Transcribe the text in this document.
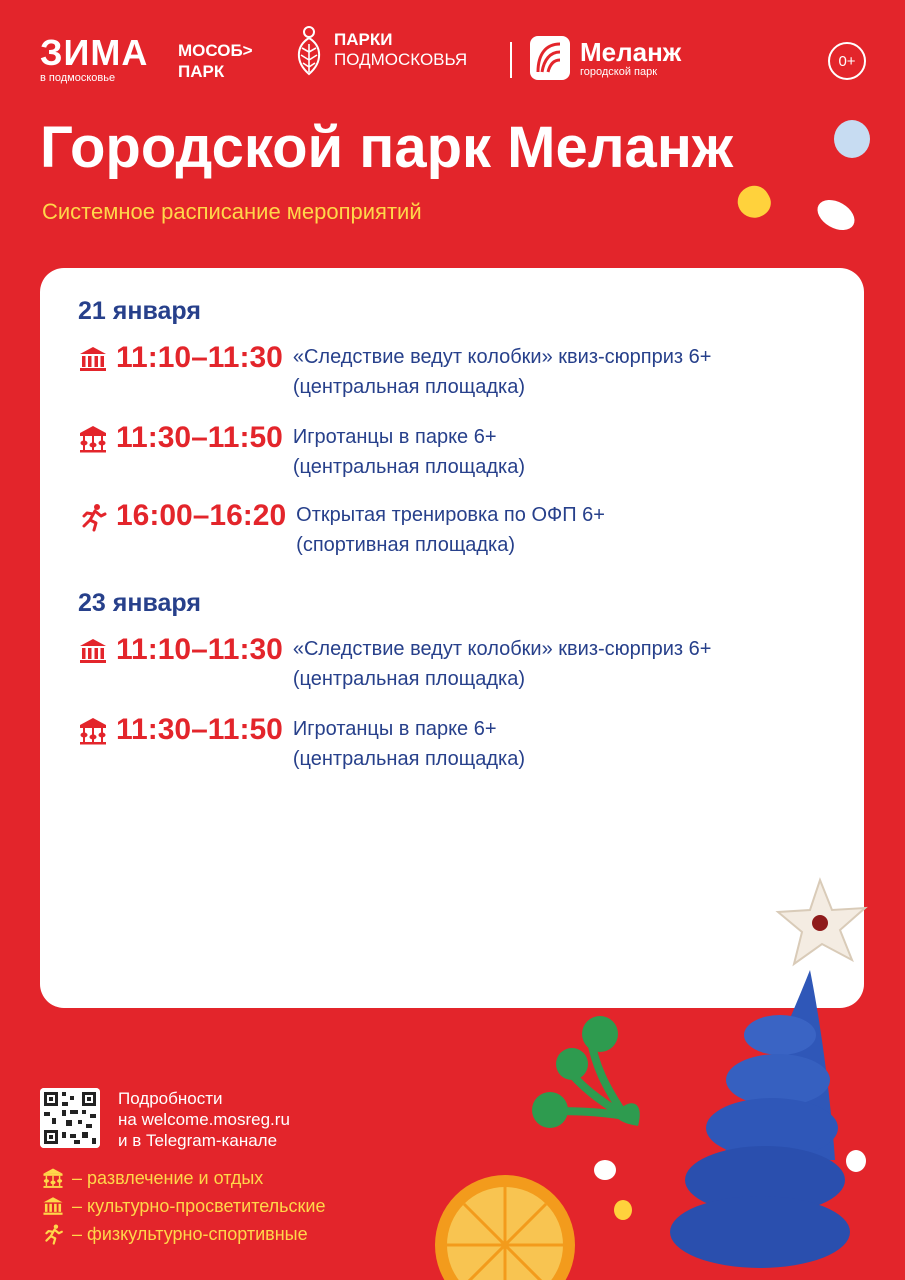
ЗИМА
в подмосковье
МОСОБ>
ПАРК
ПАРКИ
ПОДМОСКОВЬЯ	Меланж
городской парк
0+
Городской парк Меланж
Системное расписание мероприятий
21 января
11:10–11:30 «Следствие ведут колобки» квиз-сюрприз 6+
(центральная площадка)
11:30–11:50 Игротанцы в парке 6+
(центральная площадка)
16:00–16:20 Открытая тренировка по ОФП 6+
(спортивная площадка)
23 января
11:10–11:30 «Следствие ведут колобки» квиз-сюрприз 6+
(центральная площадка)
11:30–11:50 Игротанцы в парке 6+
(центральная площадка)
Подробности
на welcome.mosreg.ru
и в Telegram-канале
– развлечение и отдых
– культурно-просветительские
– физкультурно-спортивные
